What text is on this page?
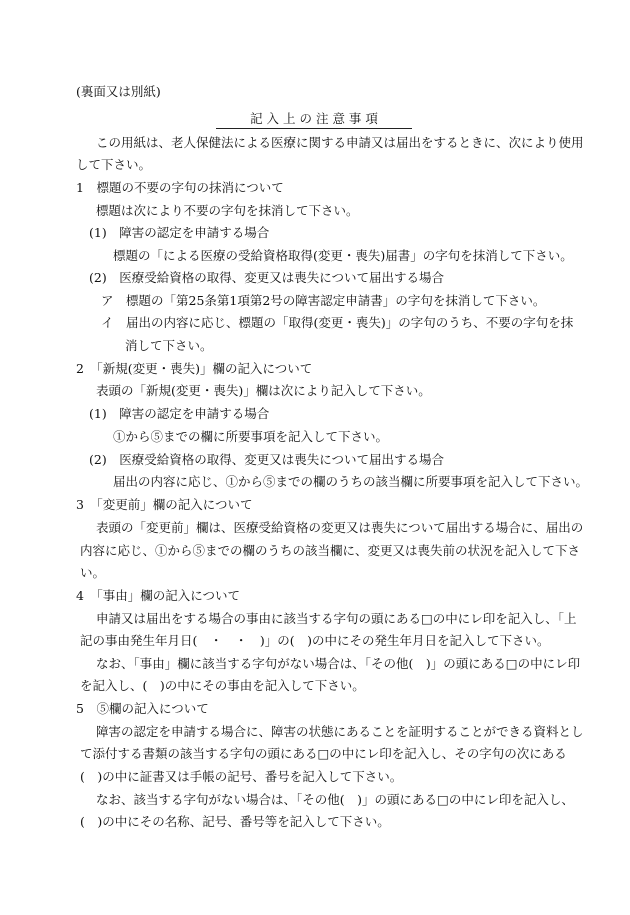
(裏面又は別紙)
記 入 上 の 注 意 事 項
この用紙は、老人保健法による医療に関する申請又は届出をするときに、次により使用
して下さい。
1　標題の不要の字句の抹消について
標題は次により不要の字句を抹消して下さい。
(1)　障害の認定を申請する場合
標題の「による医療の受給資格取得(変更・喪失)届書」の字句を抹消して下さい。
(2)　医療受給資格の取得、変更又は喪失について届出する場合
ア　標題の「第25条第1項第2号の障害認定申請書」の字句を抹消して下さい。
イ　届出の内容に応じ、標題の「取得(変更・喪失)」の字句のうち、不要の字句を抹
消して下さい。
2　「新規(変更・喪失)」欄の記入について
表頭の「新規(変更・喪失)」欄は次により記入して下さい。
(1)　障害の認定を申請する場合
①から⑤までの欄に所要事項を記入して下さい。
(2)　医療受給資格の取得、変更又は喪失について届出する場合
届出の内容に応じ、①から⑤までの欄のうちの該当欄に所要事項を記入して下さい。
3　「変更前」欄の記入について
表頭の「変更前」欄は、医療受給資格の変更又は喪失について届出する場合に、届出の
内容に応じ、①から⑤までの欄のうちの該当欄に、変更又は喪失前の状況を記入して下さ
い。
4　「事由」欄の記入について
申請又は届出をする場合の事由に該当する字句の頭にある□の中にレ印を記入し、「上
記の事由発生年月日(　・　・　)」の(　)の中にその発生年月日を記入して下さい。
なお、「事由」欄に該当する字句がない場合は、「その他(　)」の頭にある□の中にレ印
を記入し、(　)の中にその事由を記入して下さい。
5　⑤欄の記入について
障害の認定を申請する場合に、障害の状態にあることを証明することができる資料とし
て添付する書類の該当する字句の頭にある□の中にレ印を記入し、その字句の次にある
(　)の中に証書又は手帳の記号、番号を記入して下さい。
なお、該当する字句がない場合は、「その他(　)」の頭にある□の中にレ印を記入し、
(　)の中にその名称、記号、番号等を記入して下さい。
